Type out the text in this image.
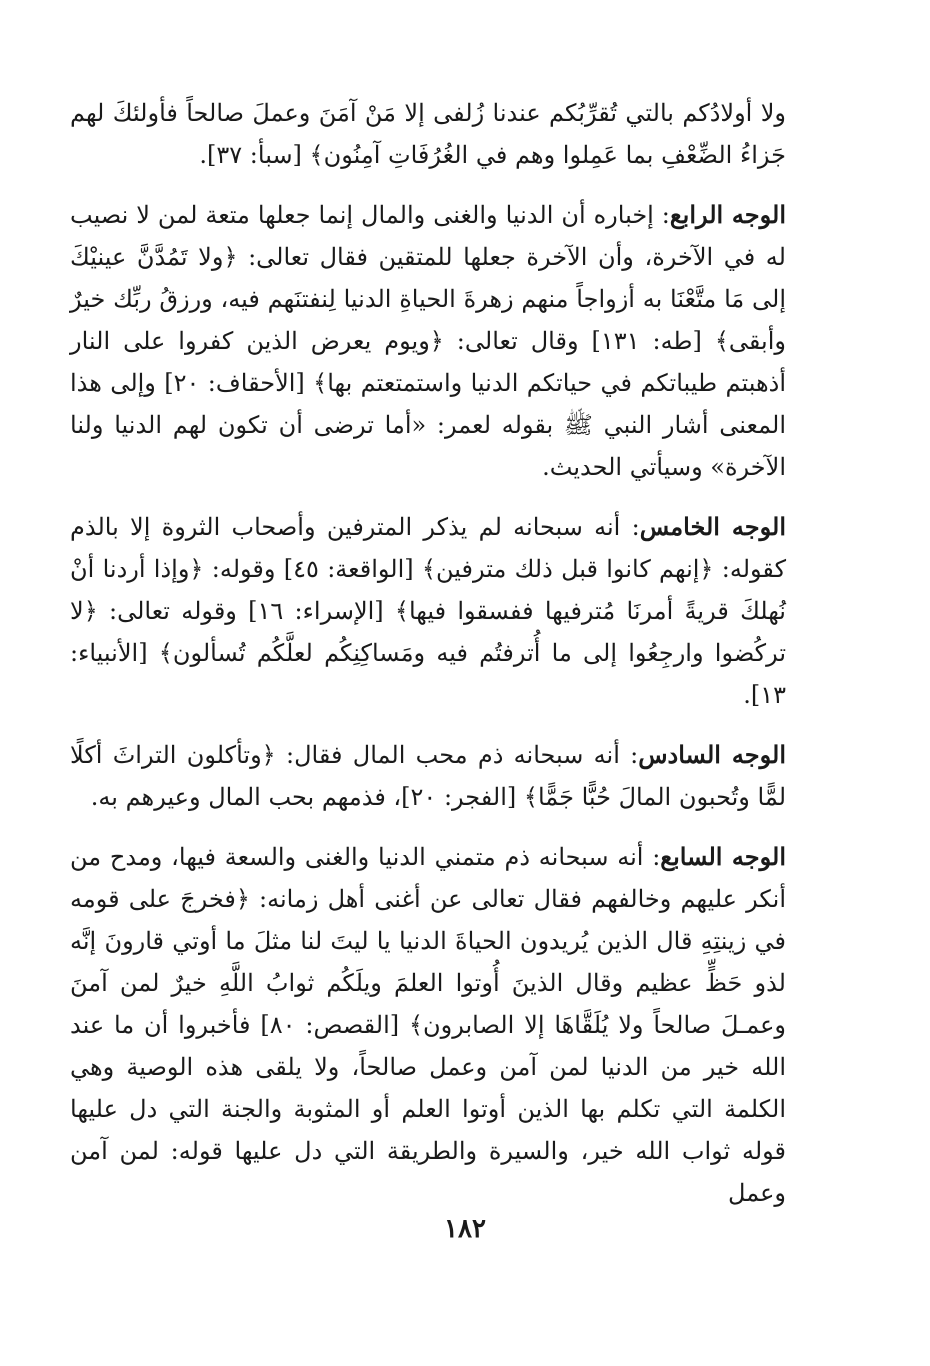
ولا أولادُكم بالتي تُقرِّبُكم عندنا زُلفى إلا مَنْ آمَنَ وعملَ صالحاً فأولئكَ لهم جَزاءُ الضِّعْفِ بما عَمِلوا وهم في الغُرُفَاتِ آمِنُون﴾ [سبأ: ٣٧].

الوجه الرابع: إخباره أن الدنيا والغنى والمال إنما جعلها متعة لمن لا نصيب له في الآخرة، وأن الآخرة جعلها للمتقين فقال تعالى: ﴿ولا تَمُدَّنَّ عينيْكَ إلى مَا متَّعْنَا به أزواجاً منهم زهرةَ الحياةِ الدنيا لِنفتنَهم فيه، ورزقُ ربِّك خيرٌ وأبقى﴾ [طه: ١٣١] وقال تعالى: ﴿ويوم يعرض الذين كفروا على النار أذهبتم طيباتكم في حياتكم الدنيا واستمتعتم بها﴾ [الأحقاف: ٢٠] وإلى هذا المعنى أشار النبي ﷺ بقوله لعمر: «أما ترضى أن تكون لهم الدنيا ولنا الآخرة» وسيأتي الحديث.

الوجه الخامس: أنه سبحانه لم يذكر المترفين وأصحاب الثروة إلا بالذم كقوله: ﴿إنهم كانوا قبل ذلك مترفين﴾ [الواقعة: ٤٥] وقوله: ﴿وإذا أردنا أنْ نُهلكَ قريةً أمرنَا مُترفيها ففسقوا فيها﴾ [الإسراء: ١٦] وقوله تعالى: ﴿لا تركُضوا وارجِعُوا إلى ما أُترفتُم فيه ومَساكِنِكُم لعلَّكُم تُسألون﴾ [الأنبياء: ١٣].

الوجه السادس: أنه سبحانه ذم محب المال فقال: ﴿وتأكلون التراثَ أكلًا لمًّا وتُحبون المالَ حُبًّا جَمًّا﴾ [الفجر: ٢٠]، فذمهم بحب المال وعيرهم به.

الوجه السابع: أنه سبحانه ذم متمني الدنيا والغنى والسعة فيها، ومدح من أنكر عليهم وخالفهم فقال تعالى عن أغنى أهل زمانه: ﴿فخرجَ على قومه في زينتِهِ قال الذين يُريدون الحياةَ الدنيا يا ليتَ لنا مثلَ ما أوتي قارونَ إنَّه لذو حَظٍّ عظيم وقال الذينَ أُوتوا العلمَ ويلَكُم ثوابُ اللَّهِ خيرٌ لمن آمنَ وعمـلَ صالحاً ولا يُلَقَّاهَا إلا الصابرون﴾ [القصص: ٨٠] فأخبروا أن ما عند الله خير من الدنيا لمن آمن وعمل صالحاً، ولا يلقى هذه الوصية وهي الكلمة التي تكلم بها الذين أوتوا العلم أو المثوبة والجنة التي دل عليها قوله ثواب الله خير، والسيرة والطريقة التي دل عليها قوله: لمن آمن وعمل

١٨٢
